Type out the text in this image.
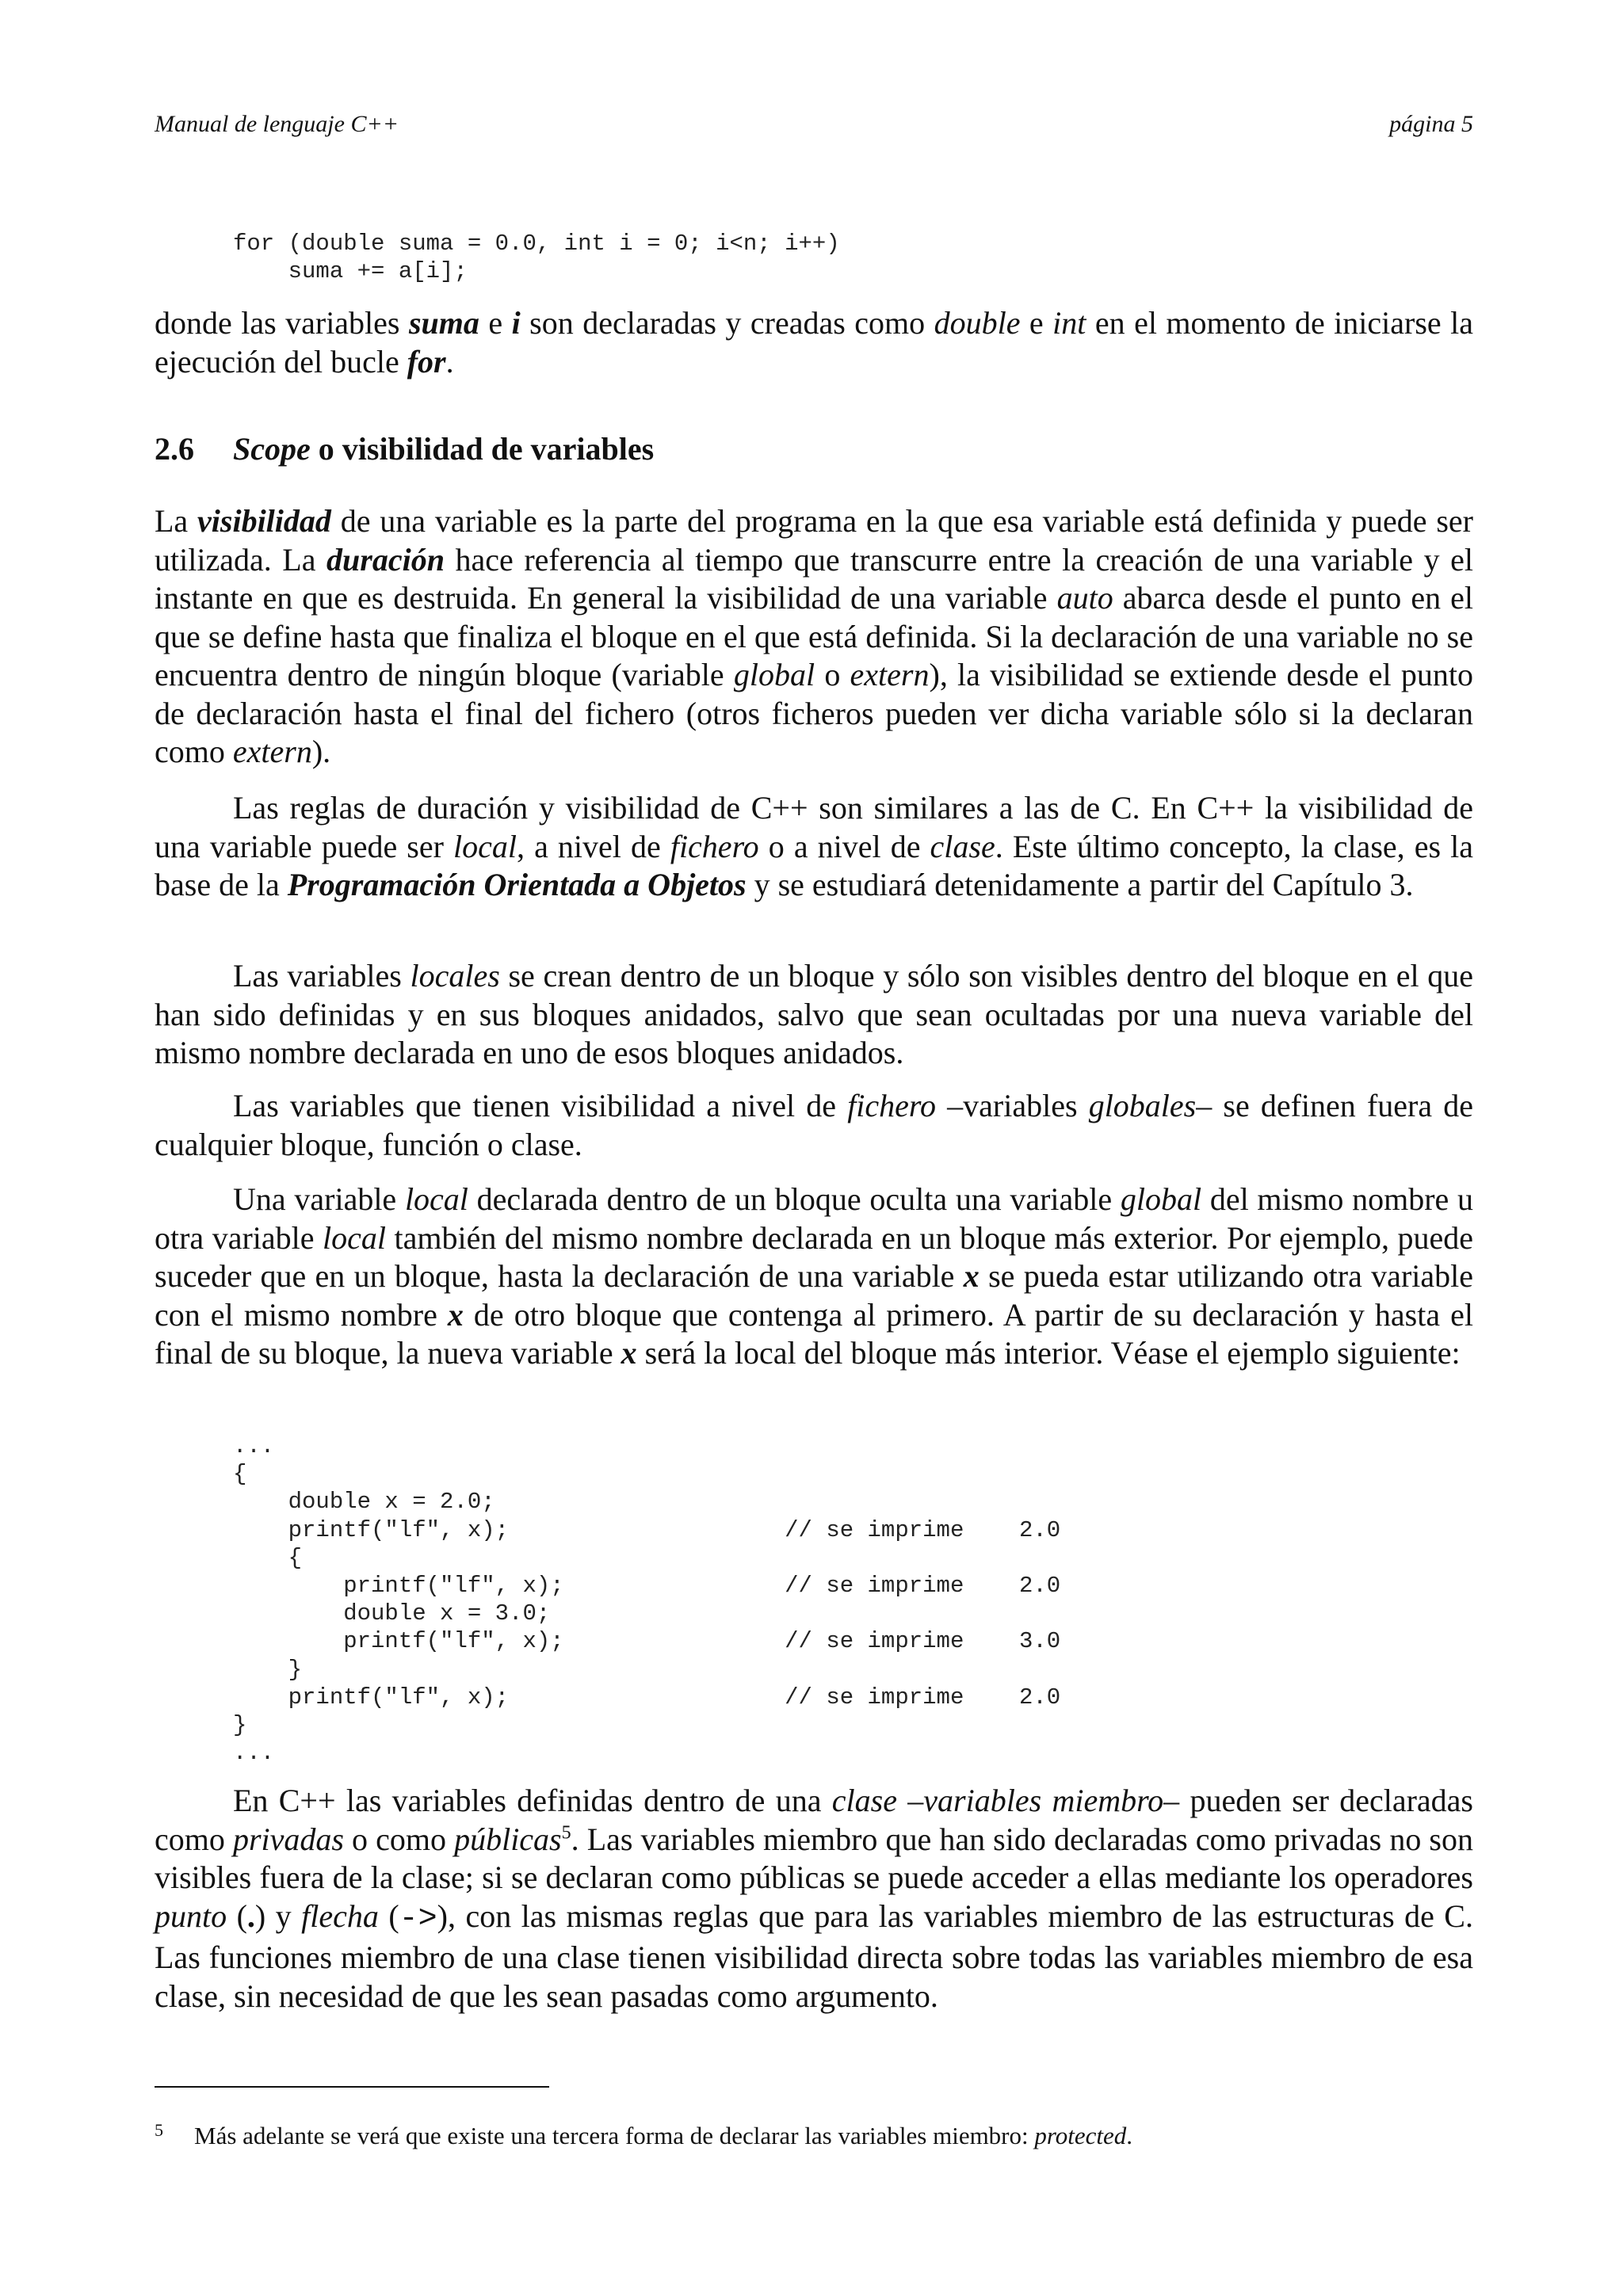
Manual de lenguaje C++	página 5
for (double suma = 0.0, int i = 0; i<n; i++)
suma += a[i];

donde las variables suma e i son declaradas y creadas como double e int en el momento de iniciarse la ejecución del bucle for.

2.6 Scope o visibilidad de variables

La visibilidad de una variable es la parte del programa en la que esa variable está definida y puede ser utilizada. La duración hace referencia al tiempo que transcurre entre la creación de una variable y el instante en que es destruida. En general la visibilidad de una variable auto abarca desde el punto en el que se define hasta que finaliza el bloque en el que está definida. Si la declaración de una variable no se encuentra dentro de ningún bloque (variable global o extern), la visibilidad se extiende desde el punto de declaración hasta el final del fichero (otros ficheros pueden ver dicha variable sólo si la declaran como extern).

Las reglas de duración y visibilidad de C++ son similares a las de C. En C++ la visibilidad de una variable puede ser local, a nivel de fichero o a nivel de clase. Este último concepto, la clase, es la base de la Programación Orientada a Objetos y se estudiará detenidamente a partir del Capítulo 3.

Las variables locales se crean dentro de un bloque y sólo son visibles dentro del bloque en el que han sido definidas y en sus bloques anidados, salvo que sean ocultadas por una nueva variable del mismo nombre declarada en uno de esos bloques anidados.

Las variables que tienen visibilidad a nivel de fichero –variables globales– se definen fuera de cualquier bloque, función o clase.

Una variable local declarada dentro de un bloque oculta una variable global del mismo nombre u otra variable local también del mismo nombre declarada en un bloque más exterior. Por ejemplo, puede suceder que en un bloque, hasta la declaración de una variable x se pueda estar utilizando otra variable con el mismo nombre x de otro bloque que contenga al primero. A partir de su declaración y hasta el final de su bloque, la nueva variable x será la local del bloque más interior. Véase el ejemplo siguiente:

...
{
double x = 2.0;
printf("lf", x);                    // se imprime    2.0
{
printf("lf", x);                // se imprime    2.0
double x = 3.0;
printf("lf", x);                // se imprime    3.0
}
printf("lf", x);                    // se imprime    2.0
}
...

En C++ las variables definidas dentro de una clase –variables miembro– pueden ser declaradas como privadas o como públicas$^5$. Las variables miembro que han sido declaradas como privadas no son visibles fuera de la clase; si se declaran como públicas se puede acceder a ellas mediante los operadores punto (.) y flecha (->), con las mismas reglas que para las variables miembro de las estructuras de C. Las funciones miembro de una clase tienen visibilidad directa sobre todas las variables miembro de esa clase, sin necesidad de que les sean pasadas como argumento.

5 Más adelante se verá que existe una tercera forma de declarar las variables miembro: protected.
